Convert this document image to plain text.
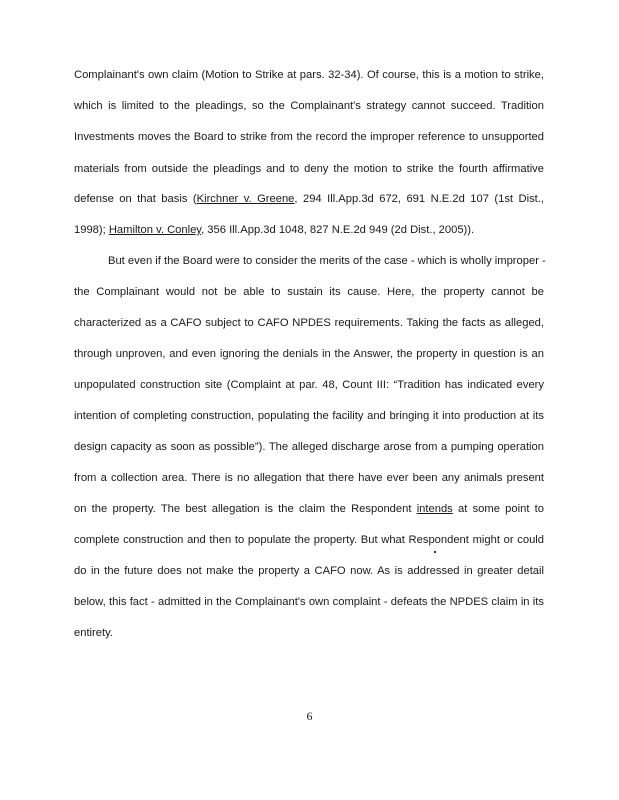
Complainant's own claim (Motion to Strike at pars. 32-34). Of course, this is a motion to strike,
which is limited to the pleadings, so the Complainant's strategy cannot succeed. Tradition
Investments moves the Board to strike from the record the improper reference to unsupported
materials from outside the pleadings and to deny the motion to strike the fourth affirmative
defense on that basis (Kirchner v. Greene, 294 Ill.App.3d 672, 691 N.E.2d 107 (1st Dist.,
1998); Hamilton v. Conley, 356 Ill.App.3d 1048, 827 N.E.2d 949 (2d Dist., 2005)).
But even if the Board were to consider the merits of the case - which is wholly improper -
the Complainant would not be able to sustain its cause. Here, the property cannot be
characterized as a CAFO subject to CAFO NPDES requirements. Taking the facts as alleged,
through unproven, and even ignoring the denials in the Answer, the property in question is an
unpopulated construction site (Complaint at par. 48, Count III: “Tradition has indicated every
intention of completing construction, populating the facility and bringing it into production at its
design capacity as soon as possible”). The alleged discharge arose from a pumping operation
from a collection area. There is no allegation that there have ever been any animals present
on the property. The best allegation is the claim the Respondent intends at some point to
complete construction and then to populate the property. But what Respondent might or could
do in the future does not make the property a CAFO now. As is addressed in greater detail
below, this fact - admitted in the Complainant's own complaint - defeats the NPDES claim in its
entirety.
6
